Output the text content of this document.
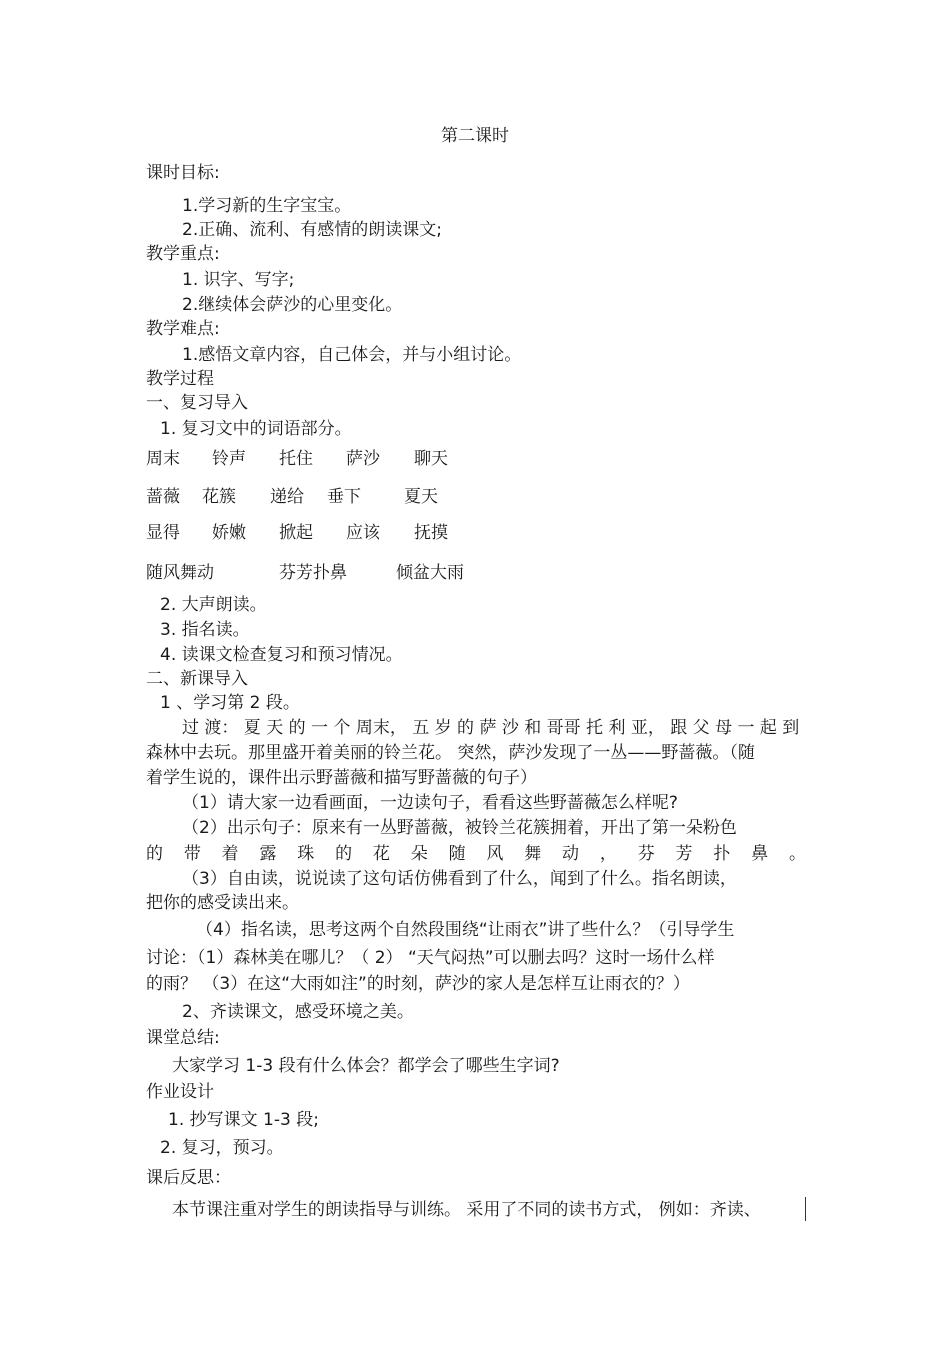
第二课时
课时目标:
1.学习新的生字宝宝。
2.正确、流利、有感情的朗读课文;
教学重点:
1. 识字、写字;
2.继续体会萨沙的心里变化。
教学难点:
1.感悟文章内容，自己体会，并与小组讨论。
教学过程
一、复习导入
1. 复习文中的词语部分。
周末 铃声 托住 萨沙 聊天
蔷薇 花簇 递给 垂下	夏天
显得 娇嫩 掀起 应该 抚摸
随风舞动	芬芳扑鼻	倾盆大雨
2. 大声朗读。
3. 指名读。
4. 读课文检查复习和预习情况。
二、新课导入
1 、学习第 2 段。
过 渡： 夏 天 的 一 个 周末， 五 岁 的 萨 沙 和 哥哥 托 利 亚， 跟 父 母 一 起 到
森林中去玩。那里盛开着美丽的铃兰花。 突然，萨沙发现了一丛——野蔷薇。（随
着学生说的，课件出示野蔷薇和描写野蔷薇的句子）
（1）请大家一边看画面，一边读句子，看看这些野蔷薇怎么样呢?
（2）出示句子：原来有一丛野蔷薇，被铃兰花簇拥着，开出了第一朵粉色
的 带 着 露 珠 的 花 朵 随 风 舞 动 ， 芬 芳 扑 鼻 。
（3）自由读，说说读了这句话仿佛看到了什么，闻到了什么。指名朗读，
把你的感受读出来。
（4）指名读，思考这两个自然段围绕“让雨衣”讲了些什么？（引导学生
讨论：（1）森林美在哪儿？（ 2） “天气闷热”可以删去吗？这时一场什么样
的雨？ （3）在这“大雨如注”的时刻，萨沙的家人是怎样互让雨衣的？）
2、齐读课文，感受环境之美。
课堂总结:
大家学习 1-3 段有什么体会？都学会了哪些生字词?
作业设计
1. 抄写课文 1-3 段;
2. 复习，预习。
课后反思：
本节课注重对学生的朗读指导与训练。 采用了不同的读书方式， 例如：齐读、
